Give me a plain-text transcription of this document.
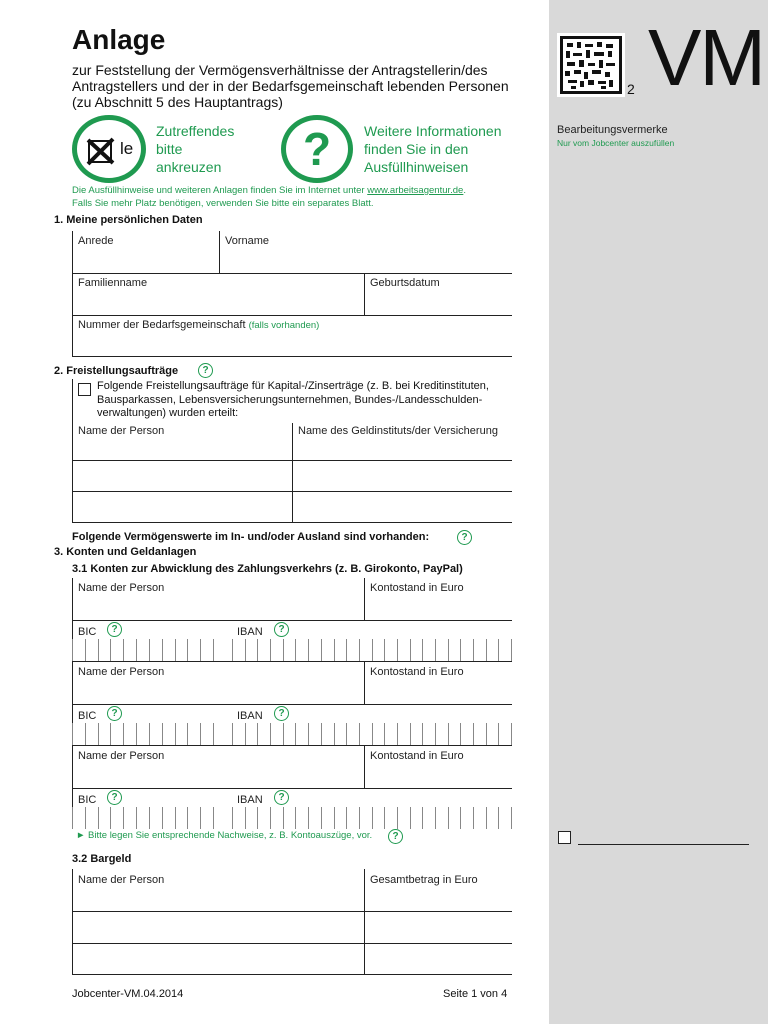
2 VM
Bearbeitungsvermerke
Nur vom Jobcenter auszufüllen
Anlage
zur Feststellung der Vermögensverhältnisse der Antragstellerin/des
Antragstellers und der in der Bedarfsgemeinschaft lebenden Personen
(zu Abschnitt 5 des Hauptantrags)
le
Zutreffendes
bitte
ankreuzen ? Weitere Informationen
finden Sie in den
Ausfüllhinweisen
Die Ausfüllhinweise und weiteren Anlagen finden Sie im Internet unter www.arbeitsagentur.de.
Falls Sie mehr Platz benötigen, verwenden Sie bitte ein separates Blatt.
1. Meine persönlichen Daten
Anrede	Vorname
Familienname	Geburtsdatum
Nummer der Bedarfsgemeinschaft (falls vorhanden)
2. Freistellungsaufträge	?
Folgende Freistellungsaufträge für Kapital-/Zinserträge (z. B. bei Kreditinstituten,
Bausparkassen, Lebensversicherungsunternehmen, Bundes-/Landesschulden-
verwaltungen) wurden erteilt:
Name der Person	Name des Geldinstituts/der Versicherung
Folgende Vermögenswerte im In- und/oder Ausland sind vorhanden:	?
3. Konten und Geldanlagen
3.1 Konten zur Abwicklung des Zahlungsverkehrs (z. B. Girokonto, PayPal)
Name der Person	Kontostand in Euro
BIC	?	IBAN	?
Name der Person	Kontostand in Euro
BIC	?	IBAN	?
Name der Person	Kontostand in Euro
BIC	?	IBAN	?
► Bitte legen Sie entsprechende Nachweise, z. B. Kontoauszüge, vor.	?
3.2 Bargeld
Name der Person	Gesamtbetrag in Euro
Jobcenter-VM.04.2014	Seite 1 von 4
